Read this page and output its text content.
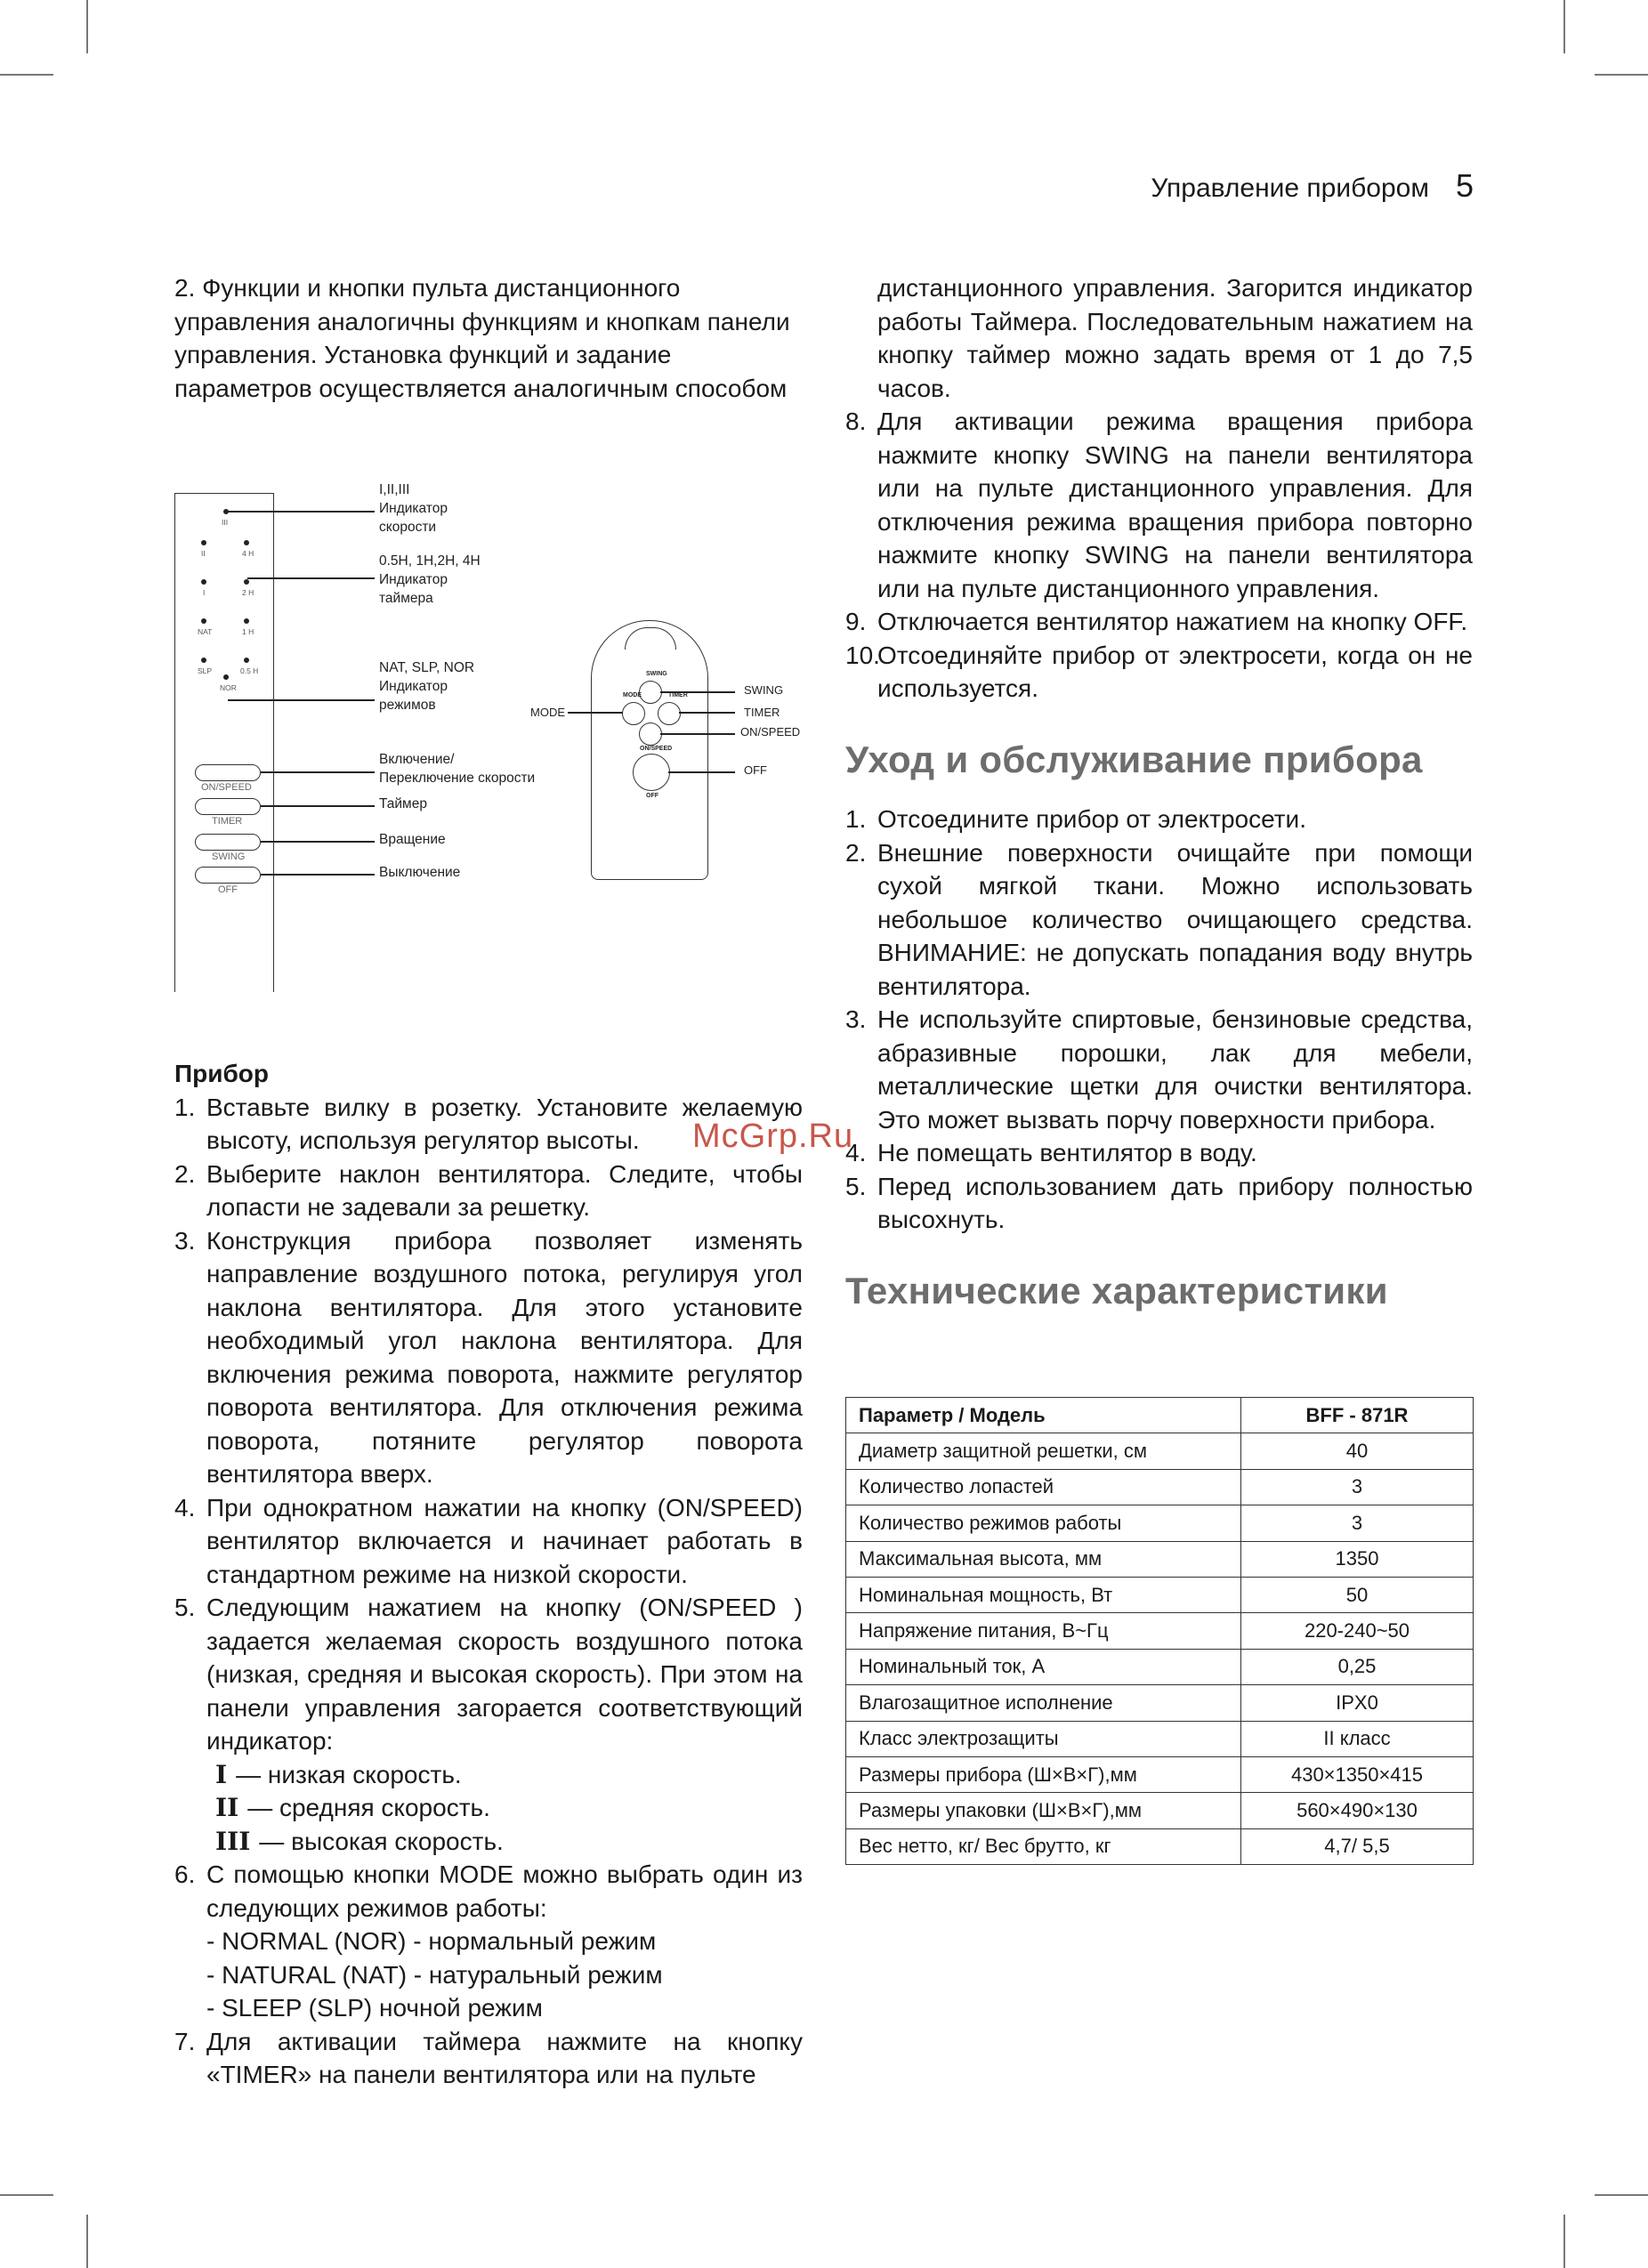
Управление прибором 5

2. Функции и кнопки пульта дистанционного управления аналогичны функциям и кнопкам панели управления. Установка функций и задание параметров осуществляется аналогичным способом

III
II	4 H
I	2 H
NAT	1 H
SLP	0.5 H
NOR
ON/SPEED
TIMER
SWING
OFF
I,II,III
Индикатор скорости
0.5H, 1H,2H, 4H
Индикатор таймера
NAT, SLP, NOR
Индикатор режимов
Включение/
Переключение скорости
Таймер
Вращение
Выключение
SWING
MODE	TIMER
ON/SPEED
OFF
MODE
SWING
TIMER
ON/SPEED
OFF
Прибор
1. Вставьте вилку в розетку. Установите желаемую высоту, используя регулятор высоты.
2. Выберите наклон вентилятора. Следите, чтобы лопасти не задевали за решетку.
3. Конструкция прибора позволяет изменять направление воздушного потока, регулируя угол наклона вентилятора. Для этого установите необходимый угол наклона вентилятора. Для включения режима поворота, нажмите регулятор поворота вентилятора. Для отключения режима поворота, потяните регулятор поворота вентилятора вверх.
4. При однократном нажатии на кнопку (ON/SPEED) вентилятор включается и начинает работать в стандартном режиме на низкой скорости.
5. Следующим нажатием на кнопку (ON/SPEED ) задается желаемая скорость воздушного потока (низкая, средняя и высокая скорость). При этом на панели управления загорается соответствующий индикатор:
I — низкая скорость.
II — средняя скорость.
III — высокая скорость.
6. С помощью кнопки MODE можно выбрать один из следующих режимов работы:
- NORMAL (NOR) - нормальный режим
- NATURAL (NAT) - натуральный режим
- SLEEP (SLP) ночной режим
7. Для активации таймера нажмите на кнопку «TIMER» на панели вентилятора или на пульте

дистанционного управления. Загорится индикатор работы Таймера. Последовательным нажатием на кнопку таймер можно задать время от 1 до 7,5 часов.

8. Для активации режима вращения прибора нажмите кнопку SWING на панели вентилятора или на пульте дистанционного управления. Для отключения режима вращения прибора повторно нажмите кнопку SWING на панели вентилятора или на пульте дистанционного управления.
9. Отключается вентилятор нажатием на кнопку OFF.
10.
Отсоединяйте прибор от электросети, когда он не используется.
Уход и обслуживание прибора
1. Отсоедините прибор от электросети.
2. Внешние поверхности очищайте при помощи сухой мягкой ткани. Можно использовать небольшое количество очищающего средства. ВНИМАНИЕ: не допускать попадания воду внутрь вентилятора.
3. Не используйте спиртовые, бензиновые средства, абразивные порошки, лак для мебели, металлические щетки для очистки вентилятора. Это может вызвать порчу поверхности прибора.
4. Не помещать вентилятор в воду.
5. Перед использованием дать прибору полностью высохнуть.
Технические характеристики
Параметр / Модель	BFF - 871R
Диаметр защитной решетки, см	40
Количество лопастей	3
Количество режимов работы	3
Максимальная высота, мм	1350
Номинальная мощность, Вт	50
Напряжение питания, В~Гц	220-240~50
Номинальный ток, А	0,25
Влагозащитное исполнение	IPX0
Класс электрозащиты	II класс
Размеры прибора (Ш×В×Г),мм	430×1350×415
Размеры упаковки (Ш×В×Г),мм	560×490×130
Вес нетто, кг/ Вес брутто, кг	4,7/ 5,5
McGrp.Ru
